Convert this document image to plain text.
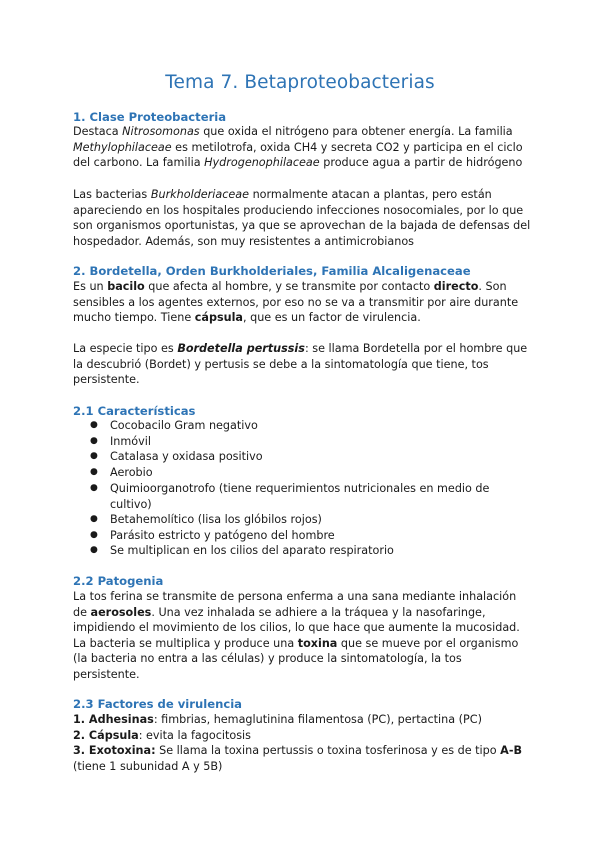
Tema 7. Betaproteobacterias
1. Clase Proteobacteria
Destaca Nitrosomonas que oxida el nitrógeno para obtener energía. La familia
Methylophilaceae es metilotrofa, oxida CH4 y secreta CO2 y participa en el ciclo
del carbono. La familia Hydrogenophilaceae produce agua a partir de hidrógeno
Las bacterias Burkholderiaceae normalmente atacan a plantas, pero están
apareciendo en los hospitales produciendo infecciones nosocomiales, por lo que
son organismos oportunistas, ya que se aprovechan de la bajada de defensas del
hospedador. Además, son muy resistentes a antimicrobianos
2. Bordetella, Orden Burkholderiales, Familia Alcaligenaceae
Es un bacilo que afecta al hombre, y se transmite por contacto directo. Son
sensibles a los agentes externos, por eso no se va a transmitir por aire durante
mucho tiempo. Tiene cápsula, que es un factor de virulencia.
La especie tipo es Bordetella pertussis: se llama Bordetella por el hombre que
la descubrió (Bordet) y pertusis se debe a la sintomatología que tiene, tos
persistente.
2.1 Características
● Cocobacilo Gram negativo
● Inmóvil
● Catalasa y oxidasa positivo
● Aerobio
● Quimioorganotrofo (tiene requerimientos nutricionales en medio de
cultivo)
● Betahemolítico (lisa los glóbilos rojos)
● Parásito estricto y patógeno del hombre
● Se multiplican en los cilios del aparato respiratorio
2.2 Patogenia
La tos ferina se transmite de persona enferma a una sana mediante inhalación
de aerosoles. Una vez inhalada se adhiere a la tráquea y la nasofaringe,
impidiendo el movimiento de los cilios, lo que hace que aumente la mucosidad.
La bacteria se multiplica y produce una toxina que se mueve por el organismo
(la bacteria no entra a las células) y produce la sintomatología, la tos
persistente.
2.3 Factores de virulencia
1. Adhesinas: fimbrias, hemaglutinina filamentosa (PC), pertactina (PC)
2. Cápsula: evita la fagocitosis
3. Exotoxina: Se llama la toxina pertussis o toxina tosferinosa y es de tipo A-B
(tiene 1 subunidad A y 5B)
